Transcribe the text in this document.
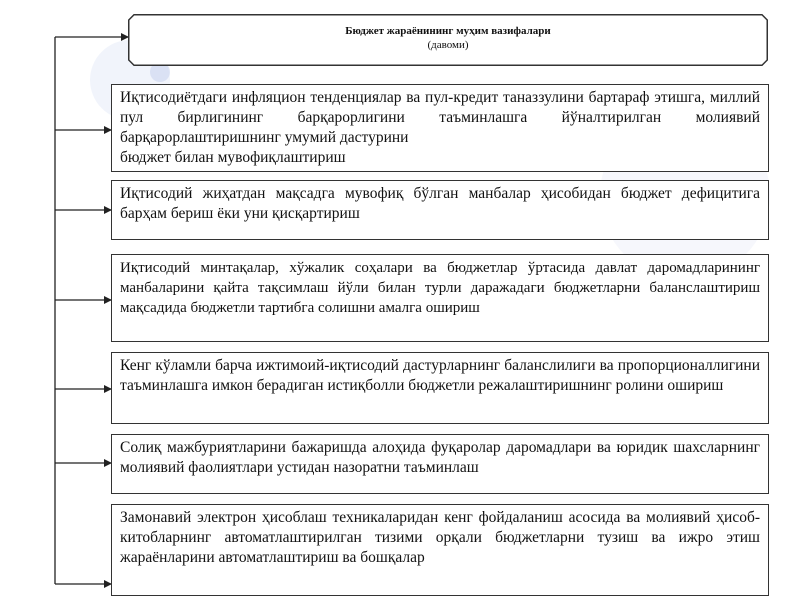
Бюджет жараёнининг муҳим вазифалари
(давоми)
Иқтисодиётдаги инфляцион тенденциялар ва пул-кредит таназзулини бартараф этишга, миллий пул бирлигининг барқарорлигини таъминлашга йўналтирилган молиявий барқарорлаштиришнинг умумий дастурини
бюджет билан мувофиқлаштириш
Иқтисодий жиҳатдан мақсадга мувофиқ бўлган манбалар ҳисобидан бюджет дефицитига барҳам бериш ёки уни қисқартириш
Иқтисодий минтақалар, хўжалик соҳалари ва бюджетлар ўртасида давлат даромадларининг манбаларини қайта тақсимлаш йўли билан турли даражадаги бюджетларни баланслаштириш мақсадида бюджетли тартибга солишни амалга ошириш
Кенг кўламли барча ижтимоий-иқтисодий дастурларнинг баланслилиги ва пропорционаллигини таъминлашга имкон берадиган истиқболли бюджетли режалаштиришнинг ролини ошириш
Солиқ мажбуриятларини бажаришда алоҳида фуқаролар даромадлари ва юридик шахсларнинг молиявий фаолиятлари устидан назоратни таъминлаш
Замонавий электрон ҳисоблаш техникаларидан кенг фойдаланиш асосида ва молиявий ҳисоб-китобларнинг автоматлаштирилган тизими орқали бюджетларни тузиш ва ижро этиш жараёнларини автоматлаштириш ва бошқалар
